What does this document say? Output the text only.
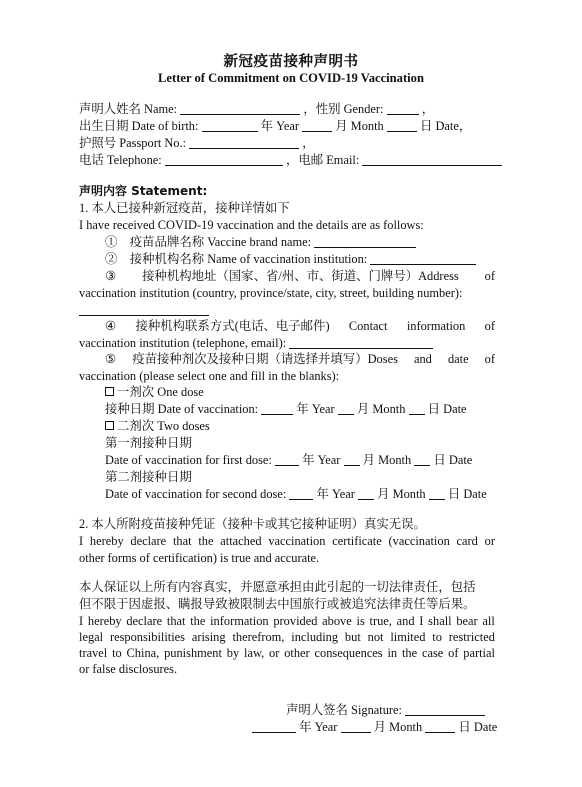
新冠疫苗接种声明书
Letter of Commitment on COVID-19 Vaccination
声明人姓名 Name:	，性别 Gender:	，
出生日期 Date of birth:	年 Year	月 Month	日 Date，
护照号 Passport No.:	，
电话 Telephone:	，电邮 Email:
声明内容 Statement:
1. 本人已接种新冠疫苗，接种详情如下
I have received COVID-19 vaccination and the details are as follows:
①　疫苗品牌名称 Vaccine brand name:
②　接种机构名称 Name of vaccination institution:
③ 接种机构地址（国家、省/州、市、街道、门牌号）Address of
vaccination institution (country, province/state, city, street, building number):
④ 接种机构联系方式(电话、电子邮件) Contact information of
vaccination institution (telephone, email):
⑤ 疫苗接种剂次及接种日期（请选择并填写）Doses and date of
vaccination (please select one and fill in the blanks):
一剂次 One dose
接种日期 Date of vaccination:	年 Year 月 Month 日 Date
二剂次 Two doses
第一剂接种日期
Date of vaccination for first dose: 年 Year 月 Month 日 Date
第二剂接种日期
Date of vaccination for second dose: 年 Year 月 Month 日 Date
2. 本人所附疫苗接种凭证（接种卡或其它接种证明）真实无误。
I hereby declare that the attached vaccination certificate (vaccination card or
other forms of certification) is true and accurate.
本人保证以上所有内容真实，并愿意承担由此引起的一切法律责任，包括
但不限于因虚报、瞒报导致被限制去中国旅行或被追究法律责任等后果。
I hereby declare that the information provided above is true, and I shall bear all
legal responsibilities arising therefrom, including but not limited to restricted
travel to China, punishment by law, or other consequences in the case of partial
or false disclosures.
声明人签名 Signature:
年 Year	月 Month	日 Date
